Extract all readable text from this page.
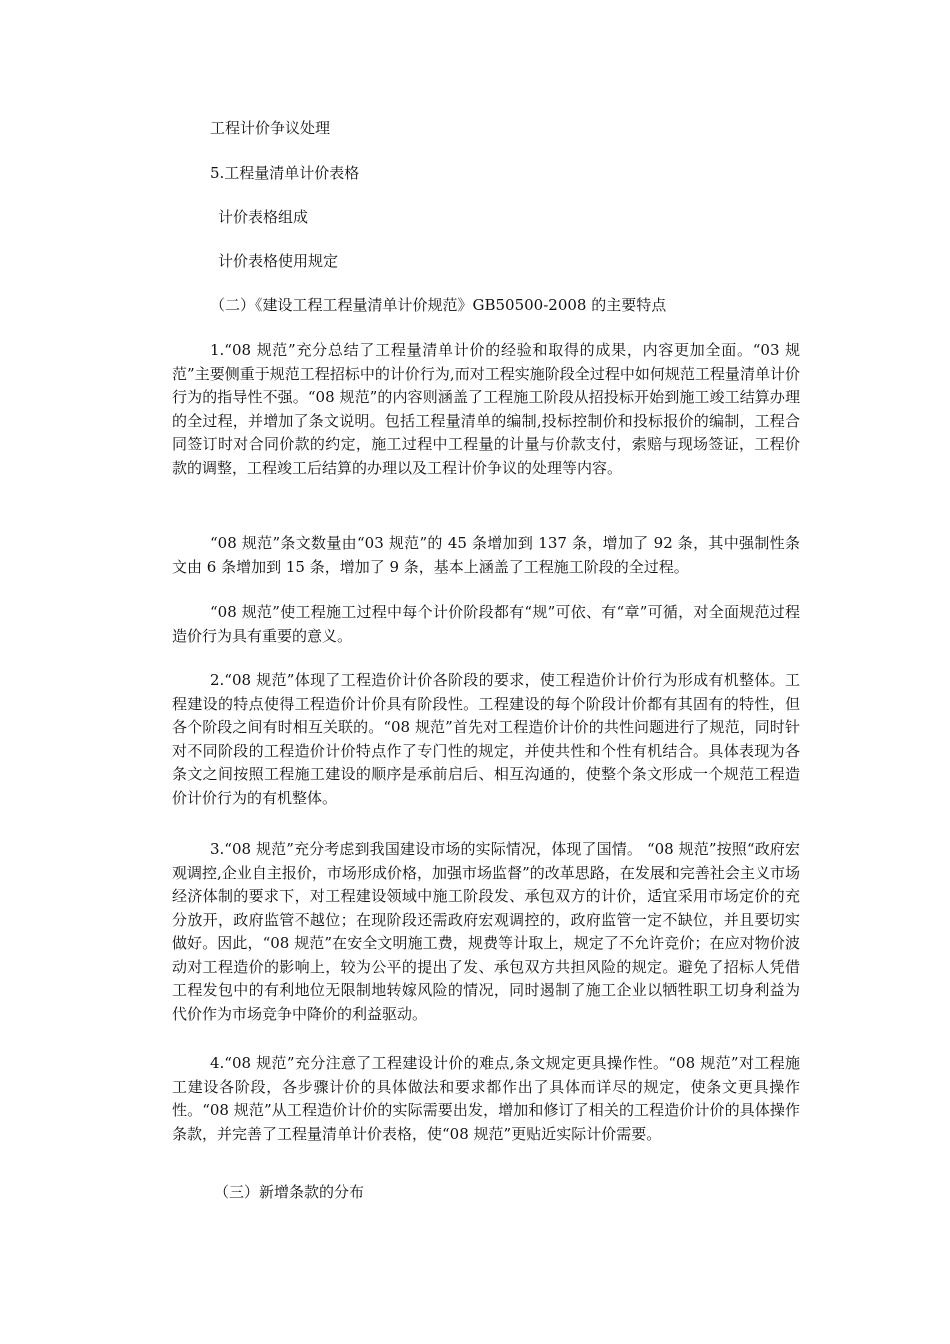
工程计价争议处理
5.工程量清单计价表格
计价表格组成
计价表格使用规定
（二）《建设工程工程量清单计价规范》GB50500-2008 的主要特点
1.“08 规范”充分总结了工程量清单计价的经验和取得的成果，内容更加全面。“03 规范”主要侧重于规范工程招标中的计价行为,而对工程实施阶段全过程中如何规范工程量清单计价行为的指导性不强。“08 规范”的内容则涵盖了工程施工阶段从招投标开始到施工竣工结算办理的全过程，并增加了条文说明。包括工程量清单的编制,投标控制价和投标报价的编制，工程合同签订时对合同价款的约定，施工过程中工程量的计量与价款支付，索赔与现场签证，工程价款的调整，工程竣工后结算的办理以及工程计价争议的处理等内容。
“08 规范”条文数量由“03 规范”的 45 条增加到 137 条，增加了 92 条，其中强制性条文由 6 条增加到 15 条，增加了 9 条，基本上涵盖了工程施工阶段的全过程。
“08 规范”使工程施工过程中每个计价阶段都有“规”可依、有“章”可循，对全面规范过程造价行为具有重要的意义。
2.“08 规范”体现了工程造价计价各阶段的要求，使工程造价计价行为形成有机整体。工程建设的特点使得工程造价计价具有阶段性。工程建设的每个阶段计价都有其固有的特性，但各个阶段之间有时相互关联的。“08 规范”首先对工程造价计价的共性问题进行了规范，同时针对不同阶段的工程造价计价特点作了专门性的规定，并使共性和个性有机结合。具体表现为各条文之间按照工程施工建设的顺序是承前启后、相互沟通的，使整个条文形成一个规范工程造价计价行为的有机整体。
3.“08 规范”充分考虑到我国建设市场的实际情况，体现了国情。 “08 规范”按照“政府宏观调控,企业自主报价，市场形成价格，加强市场监督”的改革思路，在发展和完善社会主义市场经济体制的要求下，对工程建设领域中施工阶段发、承包双方的计价，适宜采用市场定价的充分放开，政府监管不越位；在现阶段还需政府宏观调控的，政府监管一定不缺位，并且要切实做好。因此，“08 规范”在安全文明施工费，规费等计取上，规定了不允许竞价；在应对物价波动对工程造价的影响上，较为公平的提出了发、承包双方共担风险的规定。避免了招标人凭借工程发包中的有利地位无限制地转嫁风险的情况，同时遏制了施工企业以牺牲职工切身利益为代价作为市场竞争中降价的利益驱动。
4.“08 规范”充分注意了工程建设计价的难点,条文规定更具操作性。“08 规范”对工程施工建设各阶段，各步骤计价的具体做法和要求都作出了具体而详尽的规定，使条文更具操作性。“08 规范”从工程造价计价的实际需要出发，增加和修订了相关的工程造价计价的具体操作条款，并完善了工程量清单计价表格，使“08 规范”更贴近实际计价需要。
（三）新增条款的分布
